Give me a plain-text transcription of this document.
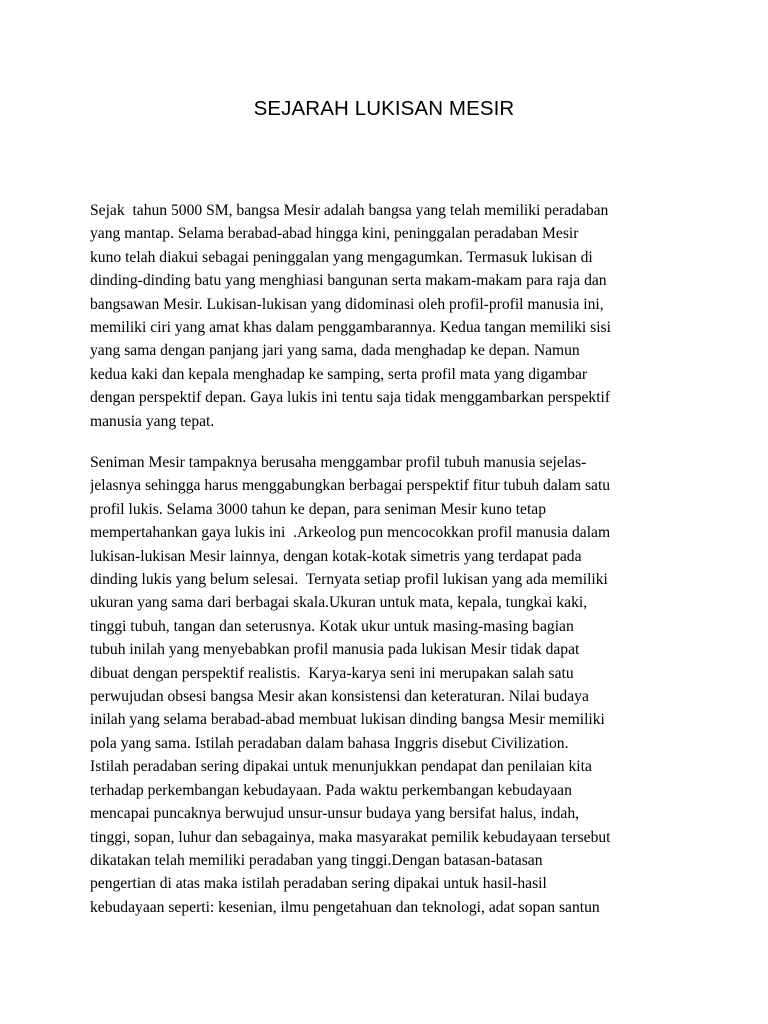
SEJARAH LUKISAN MESIR
Sejak  tahun 5000 SM, bangsa Mesir adalah bangsa yang telah memiliki peradaban
yang mantap. Selama berabad-abad hingga kini, peninggalan peradaban Mesir
kuno telah diakui sebagai peninggalan yang mengagumkan. Termasuk lukisan di
dinding-dinding batu yang menghiasi bangunan serta makam-makam para raja dan
bangsawan Mesir. Lukisan-lukisan yang didominasi oleh profil-profil manusia ini,
memiliki ciri yang amat khas dalam penggambarannya. Kedua tangan memiliki sisi
yang sama dengan panjang jari yang sama, dada menghadap ke depan. Namun
kedua kaki dan kepala menghadap ke samping, serta profil mata yang digambar
dengan perspektif depan. Gaya lukis ini tentu saja tidak menggambarkan perspektif
manusia yang tepat.
Seniman Mesir tampaknya berusaha menggambar profil tubuh manusia sejelas-
jelasnya sehingga harus menggabungkan berbagai perspektif fitur tubuh dalam satu
profil lukis. Selama 3000 tahun ke depan, para seniman Mesir kuno tetap
mempertahankan gaya lukis ini  .Arkeolog pun mencocokkan profil manusia dalam
lukisan-lukisan Mesir lainnya, dengan kotak-kotak simetris yang terdapat pada
dinding lukis yang belum selesai.  Ternyata setiap profil lukisan yang ada memiliki
ukuran yang sama dari berbagai skala.Ukuran untuk mata, kepala, tungkai kaki,
tinggi tubuh, tangan dan seterusnya. Kotak ukur untuk masing-masing bagian
tubuh inilah yang menyebabkan profil manusia pada lukisan Mesir tidak dapat
dibuat dengan perspektif realistis.  Karya-karya seni ini merupakan salah satu
perwujudan obsesi bangsa Mesir akan konsistensi dan keteraturan. Nilai budaya
inilah yang selama berabad-abad membuat lukisan dinding bangsa Mesir memiliki
pola yang sama. Istilah peradaban dalam bahasa Inggris disebut Civilization.
Istilah peradaban sering dipakai untuk menunjukkan pendapat dan penilaian kita
terhadap perkembangan kebudayaan. Pada waktu perkembangan kebudayaan
mencapai puncaknya berwujud unsur-unsur budaya yang bersifat halus, indah,
tinggi, sopan, luhur dan sebagainya, maka masyarakat pemilik kebudayaan tersebut
dikatakan telah memiliki peradaban yang tinggi.Dengan batasan-batasan
pengertian di atas maka istilah peradaban sering dipakai untuk hasil-hasil
kebudayaan seperti: kesenian, ilmu pengetahuan dan teknologi, adat sopan santun
